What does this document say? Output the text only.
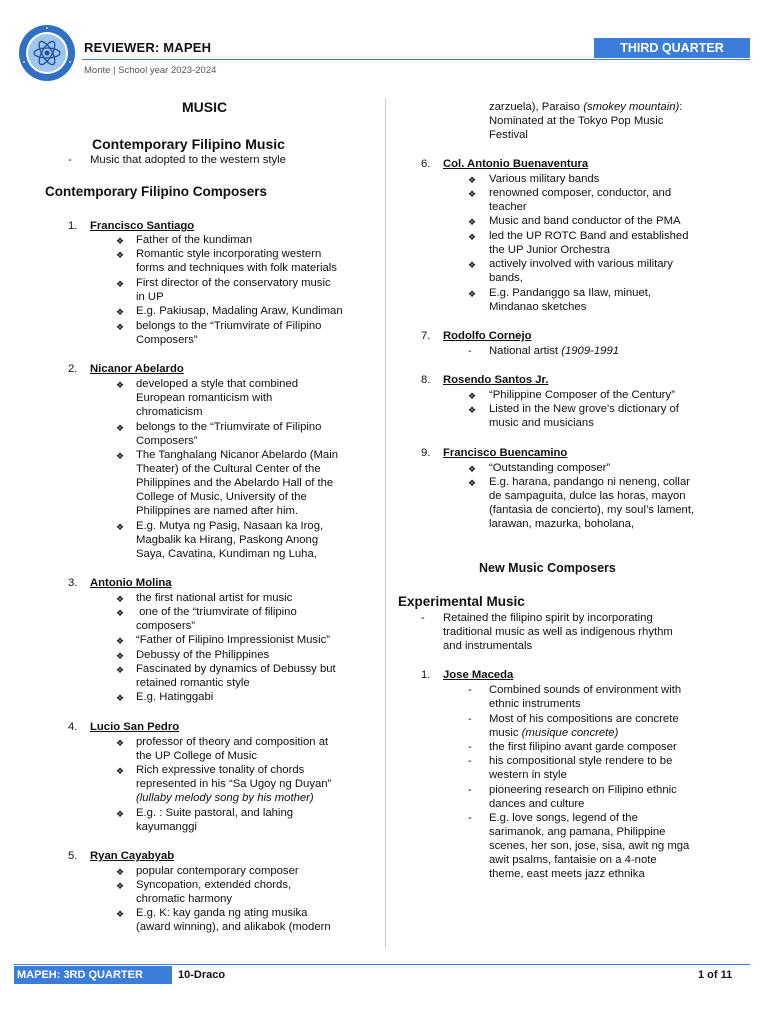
REVIEWER: MAPEH	THIRD QUARTER
Monte | School year 2023-2024
MUSIC
Contemporary Filipino Music
- Music that adopted to the western style
Contemporary Filipino Composers
1. Francisco Santiago
❖ Father of the kundiman
❖ Romantic style incorporating western
forms and techniques with folk materials
❖ First director of the conservatory music
in UP
❖ E.g. Pakiusap, Madaling Araw, Kundiman
❖ belongs to the “Triumvirate of Filipino
Composers”
2. Nicanor Abelardo
❖ developed a style that combined
European romanticism with
chromaticism
❖ belongs to the “Triumvirate of Filipino
Composers”
❖ The Tanghalang Nicanor Abelardo (Main
Theater) of the Cultural Center of the
Philippines and the Abelardo Hall of the
College of Music, University of the
Philippines are named after him.
❖ E.g. Mutya ng Pasig, Nasaan ka Irog,
Magbalik ka Hirang, Paskong Anong
Saya, Cavatina, Kundiman ng Luha,
3. Antonio Molina
❖ the first national artist for music
❖ one of the “triumvirate of filipino
composers”
❖ “Father of Filipino Impressionist Music”
❖ Debussy of the Philippines
❖ Fascinated by dynamics of Debussy but
retained romantic style
❖ E.g. Hatinggabi
4. Lucio San Pedro
❖ professor of theory and composition at
the UP College of Music
❖ Rich expressive tonality of chords
represented in his “Sa Ugoy ng Duyan”
(lullaby melody song by his mother)
❖ E.g. : Suite pastoral, and lahing
kayumanggi
5. Ryan Cayabyab
❖ popular contemporary composer
❖ Syncopation, extended chords,
chromatic harmony
❖ E.g. K: kay ganda ng ating musika
(award winning), and alikabok (modern
zarzuela), Paraiso (smokey mountain):
Nominated at the Tokyo Pop Music
Festival
6. Col. Antonio Buenaventura
❖ Various military bands
❖ renowned composer, conductor, and
teacher
❖ Music and band conductor of the PMA
❖ led the UP ROTC Band and established
the UP Junior Orchestra
❖ actively involved with various military
bands,
❖ E.g. Pandanggo sa Ilaw, minuet,
Mindanao sketches
7. Rodolfo Cornejo
- National artist (1909-1991
8. Rosendo Santos Jr.
❖ “Philippine Composer of the Century”
❖ Listed in the New grove's dictionary of
music and musicians
9. Francisco Buencamino
❖ “Outstanding composer”
❖ E.g. harana, pandango ni neneng, collar
de sampaguita, dulce las horas, mayon
(fantasia de concierto), my soul’s lament,
larawan, mazurka, boholana,
New Music Composers
Experimental Music
- Retained the filipino spirit by incorporating
traditional music as well as indigenous rhythm
and instrumentals
1. Jose Maceda
- Combined sounds of environment with
ethnic instruments
- Most of his compositions are concrete
music (musique concrete)
- the first filipino avant garde composer
- his compositional style rendere to be
western in style
- pioneering research on Filipino ethnic
dances and culture
- E.g. love songs, legend of the
sarimanok, ang pamana, Philippine
scenes, her son, jose, sisa, awit ng mga
awit psalms, fantaisie on a 4-note
theme, east meets jazz ethnika
MAPEH: 3RD QUARTER	10-Draco	1 of 11
